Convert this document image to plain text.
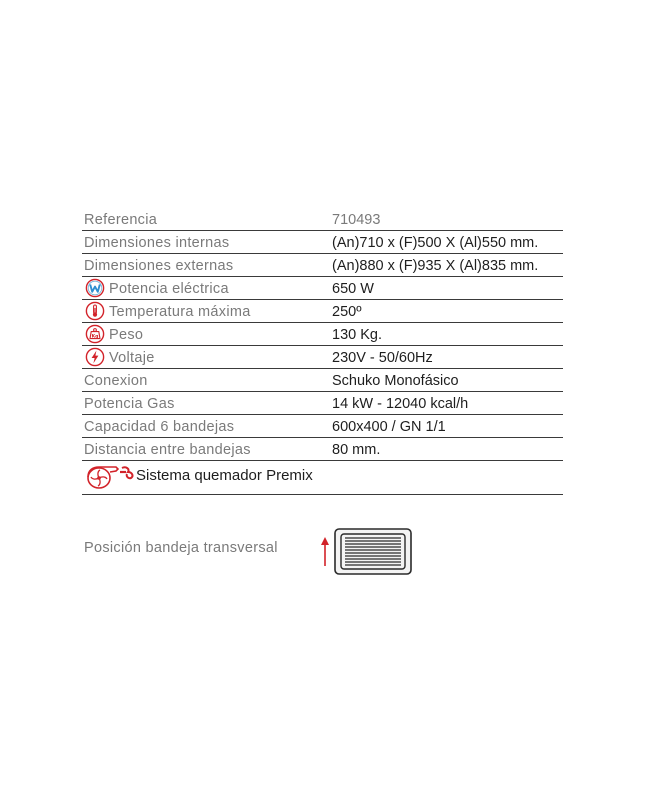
Referencia	710493
Dimensiones internas	(An)710 x (F)500 X (Al)550 mm.
Dimensiones externas	(An)880 x (F)935 X (Al)835 mm.
Potencia eléctrica	650 W
Temperatura máxima	250º
Kg Peso	130 Kg.
Voltaje	230V - 50/60Hz
Conexion	Schuko Monofásico
Potencia Gas	14 kW - 12040 kcal/h
Capacidad 6 bandejas	600x400 / GN 1/1
Distancia entre bandejas	80 mm.
Sistema quemador Premix
Posición bandeja transversal
